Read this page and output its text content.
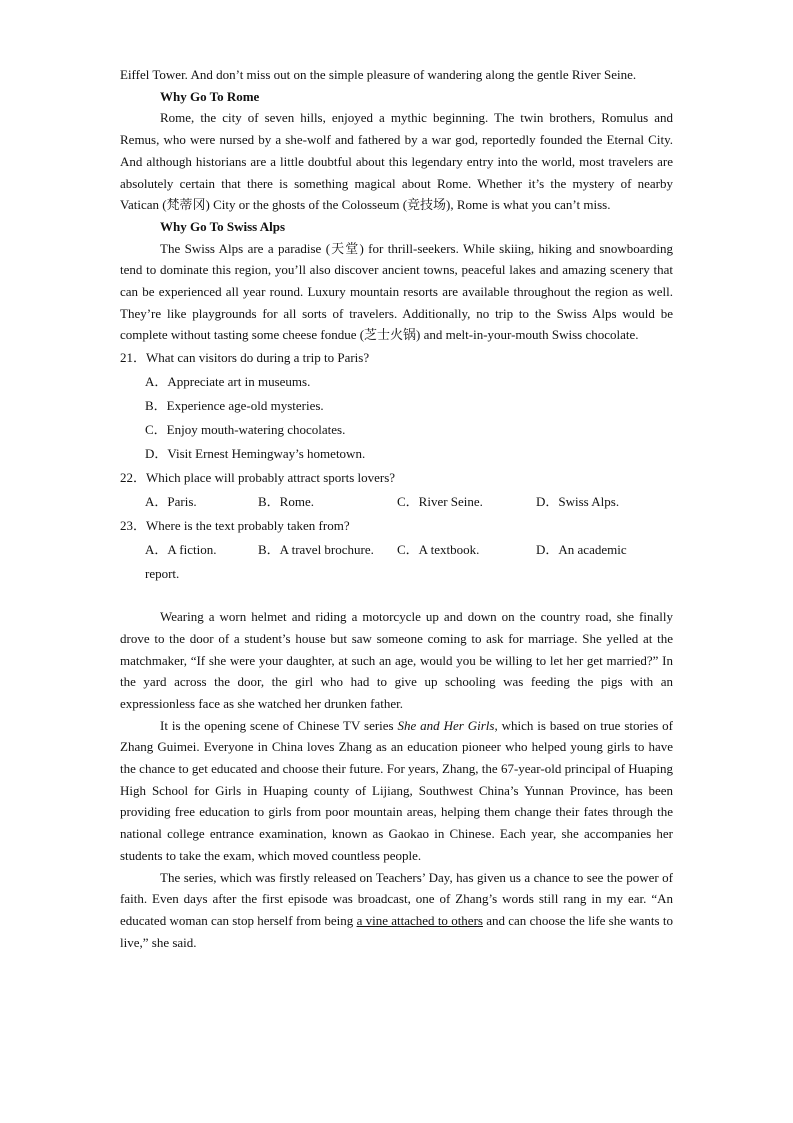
Eiffel Tower. And don’t miss out on the simple pleasure of wandering along the gentle River Seine.

Why Go To Rome

Rome, the city of seven hills, enjoyed a mythic beginning. The twin brothers, Romulus and Remus, who were nursed by a she-wolf and fathered by a war god, reportedly founded the Eternal City. And although historians are a little doubtful about this legendary entry into the world, most travelers are absolutely certain that there is something magical about Rome. Whether it’s the mystery of nearby Vatican (梵蒂冈) City or the ghosts of the Colosseum (竞技场), Rome is what you can’t miss.

Why Go To Swiss Alps

The Swiss Alps are a paradise (天堂) for thrill-seekers. While skiing, hiking and snowboarding tend to dominate this region, you’ll also discover ancient towns, peaceful lakes and amazing scenery that can be experienced all year round. Luxury mountain resorts are available throughout the region as well. They’re like playgrounds for all sorts of travelers. Additionally, no trip to the Swiss Alps would be complete without tasting some cheese fondue (芝士火锅) and melt-in-your-mouth Swiss chocolate.

21．What can visitors do during a trip to Paris?
A．Appreciate art in museums.
B．Experience age-old mysteries.
C．Enjoy mouth-watering chocolates.
D．Visit Ernest Hemingway’s hometown.
22．Which place will probably attract sports lovers?
A．Paris.	B．Rome.	C．River Seine.	D．Swiss Alps.
23．Where is the text probably taken from?
A．A fiction.	B．A travel brochure.	C．A textbook.	D．An academic
report.

Wearing a worn helmet and riding a motorcycle up and down on the country road, she finally drove to the door of a student’s house but saw someone coming to ask for marriage. She yelled at the matchmaker, “If she were your daughter, at such an age, would you be willing to let her get married?” In the yard across the door, the girl who had to give up schooling was feeding the pigs with an expressionless face as she watched her drunken father.

It is the opening scene of Chinese TV series She and Her Girls, which is based on true stories of Zhang Guimei. Everyone in China loves Zhang as an education pioneer who helped young girls to have the chance to get educated and choose their future. For years, Zhang, the 67-year-old principal of Huaping High School for Girls in Huaping county of Lijiang, Southwest China’s Yunnan Province, has been providing free education to girls from poor mountain areas, helping them change their fates through the national college entrance examination, known as Gaokao in Chinese. Each year, she accompanies her students to take the exam, which moved countless people.

The series, which was firstly released on Teachers’ Day, has given us a chance to see the power of faith. Even days after the first episode was broadcast, one of Zhang’s words still rang in my ear. “An educated woman can stop herself from being a vine attached to others and can choose the life she wants to live,” she said.
